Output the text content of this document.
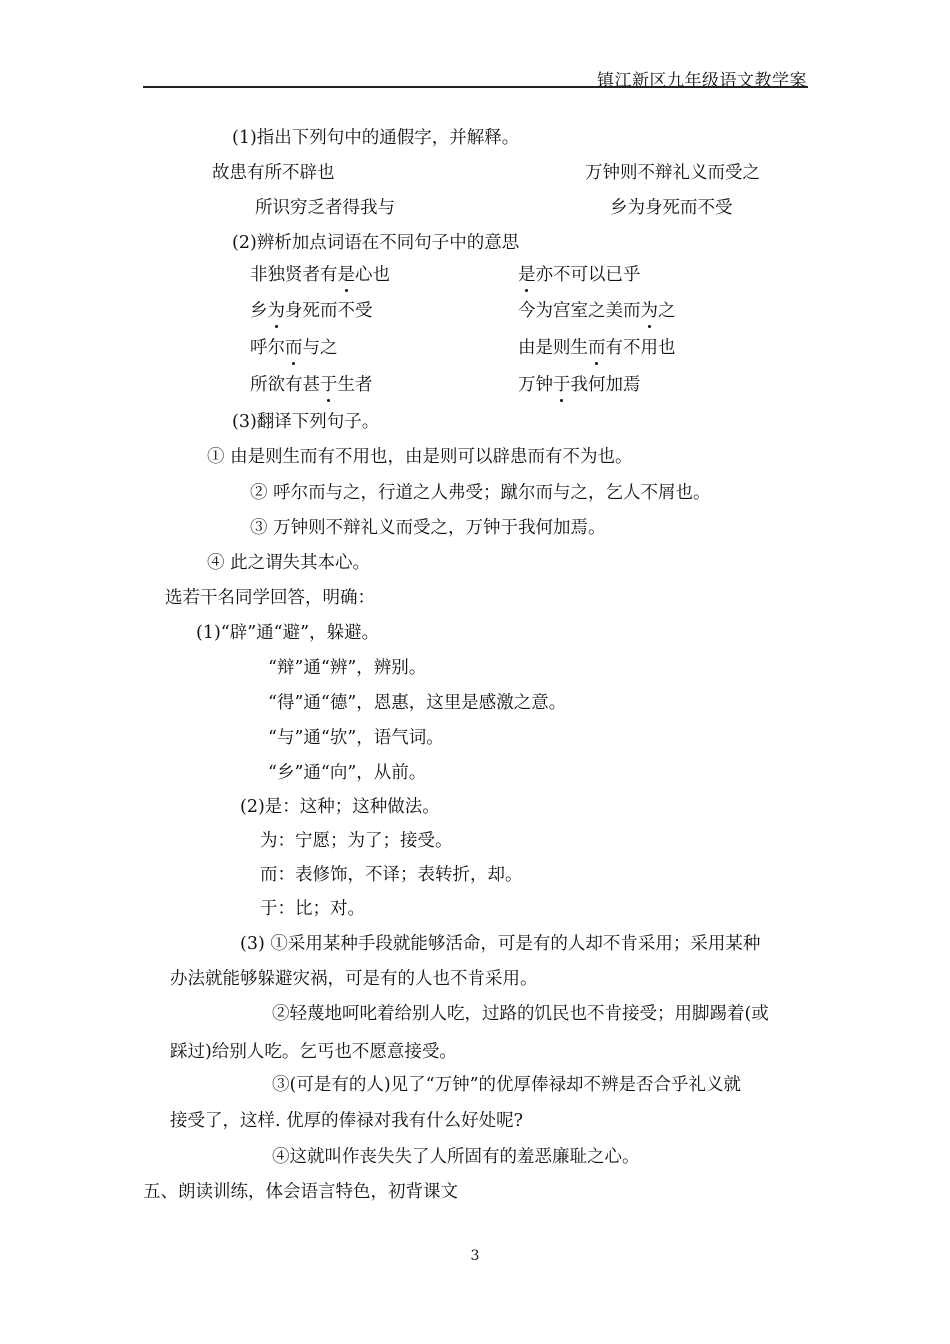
镇江新区九年级语文教学案
(1)指出下列句中的通假字，并解释。
故患有所不辟也	万钟则不辩礼义而受之
所识穷乏者得我与	乡为身死而不受
(2)辨析加点词语在不同句子中的意思
非独贤者有是心也	是亦不可以已乎
乡为身死而不受	今为宫室之美而为之
呼尔而与之	由是则生而有不用也
所欲有甚于生者	万钟于我何加焉
(3)翻译下列句子。
① 由是则生而有不用也，由是则可以辟患而有不为也。
② 呼尔而与之，行道之人弗受；蹴尔而与之，乞人不屑也。
③ 万钟则不辩礼义而受之，万钟于我何加焉。
④ 此之谓失其本心。
选若干名同学回答，明确：
(1)“辟”通“避”，躲避。
“辩”通“辨”，辨别。
“得”通“德”，恩惠，这里是感激之意。
“与”通“欤”，语气词。
“乡”通“向”，从前。
(2)是：这种；这种做法。
为：宁愿；为了；接受。
而：表修饰，不译；表转折，却。
于：比；对。
(3) ①采用某种手段就能够活命，可是有的人却不肯采用；采用某种
办法就能够躲避灾祸，可是有的人也不肯采用。
②轻蔑地呵叱着给别人吃，过路的饥民也不肯接受；用脚踢着(或
踩过)给别人吃。乞丐也不愿意接受。
③(可是有的人)见了“万钟”的优厚俸禄却不辨是否合乎礼义就
接受了，这样. 优厚的俸禄对我有什么好处呢?
④这就叫作丧失失了人所固有的羞恶廉耻之心。
五、朗读训练，体会语言特色，初背课文
3
